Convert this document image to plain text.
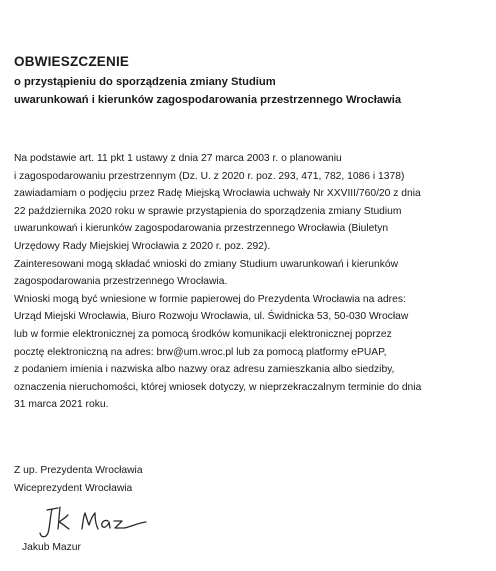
OBWIESZCZENIE
o przystąpieniu do sporządzenia zmiany Studium
uwarunkowań i kierunków zagospodarowania przestrzennego Wrocławia
Na podstawie art. 11 pkt 1 ustawy z dnia 27 marca 2003 r. o planowaniu
i zagospodarowaniu przestrzennym (Dz. U. z 2020 r. poz. 293, 471, 782, 1086 i 1378)
zawiadamiam o podjęciu przez Radę Miejską Wrocławia uchwały Nr XXVIII/760/20 z dnia
22 października 2020 roku w sprawie przystąpienia do sporządzenia zmiany Studium
uwarunkowań i kierunków zagospodarowania przestrzennego Wrocławia (Biuletyn
Urzędowy Rady Miejskiej Wrocławia z 2020 r. poz. 292).
Zainteresowani mogą składać wnioski do zmiany Studium uwarunkowań i kierunków
zagospodarowania przestrzennego Wrocławia.
Wnioski mogą być wniesione w formie papierowej do Prezydenta Wrocławia na adres:
Urząd Miejski Wrocławia, Biuro Rozwoju Wrocławia, ul. Świdnicka 53, 50-030 Wrocław
lub w formie elektronicznej za pomocą środków komunikacji elektronicznej poprzez
pocztę elektroniczną na adres: brw@um.wroc.pl lub za pomocą platformy ePUAP,
z podaniem imienia i nazwiska albo nazwy oraz adresu zamieszkania albo siedziby,
oznaczenia nieruchomości, której wniosek dotyczy, w nieprzekraczalnym terminie do dnia
31 marca 2021 roku.
Z up. Prezydenta Wrocławia
Wiceprezydent Wrocławia
Jakub Mazur
